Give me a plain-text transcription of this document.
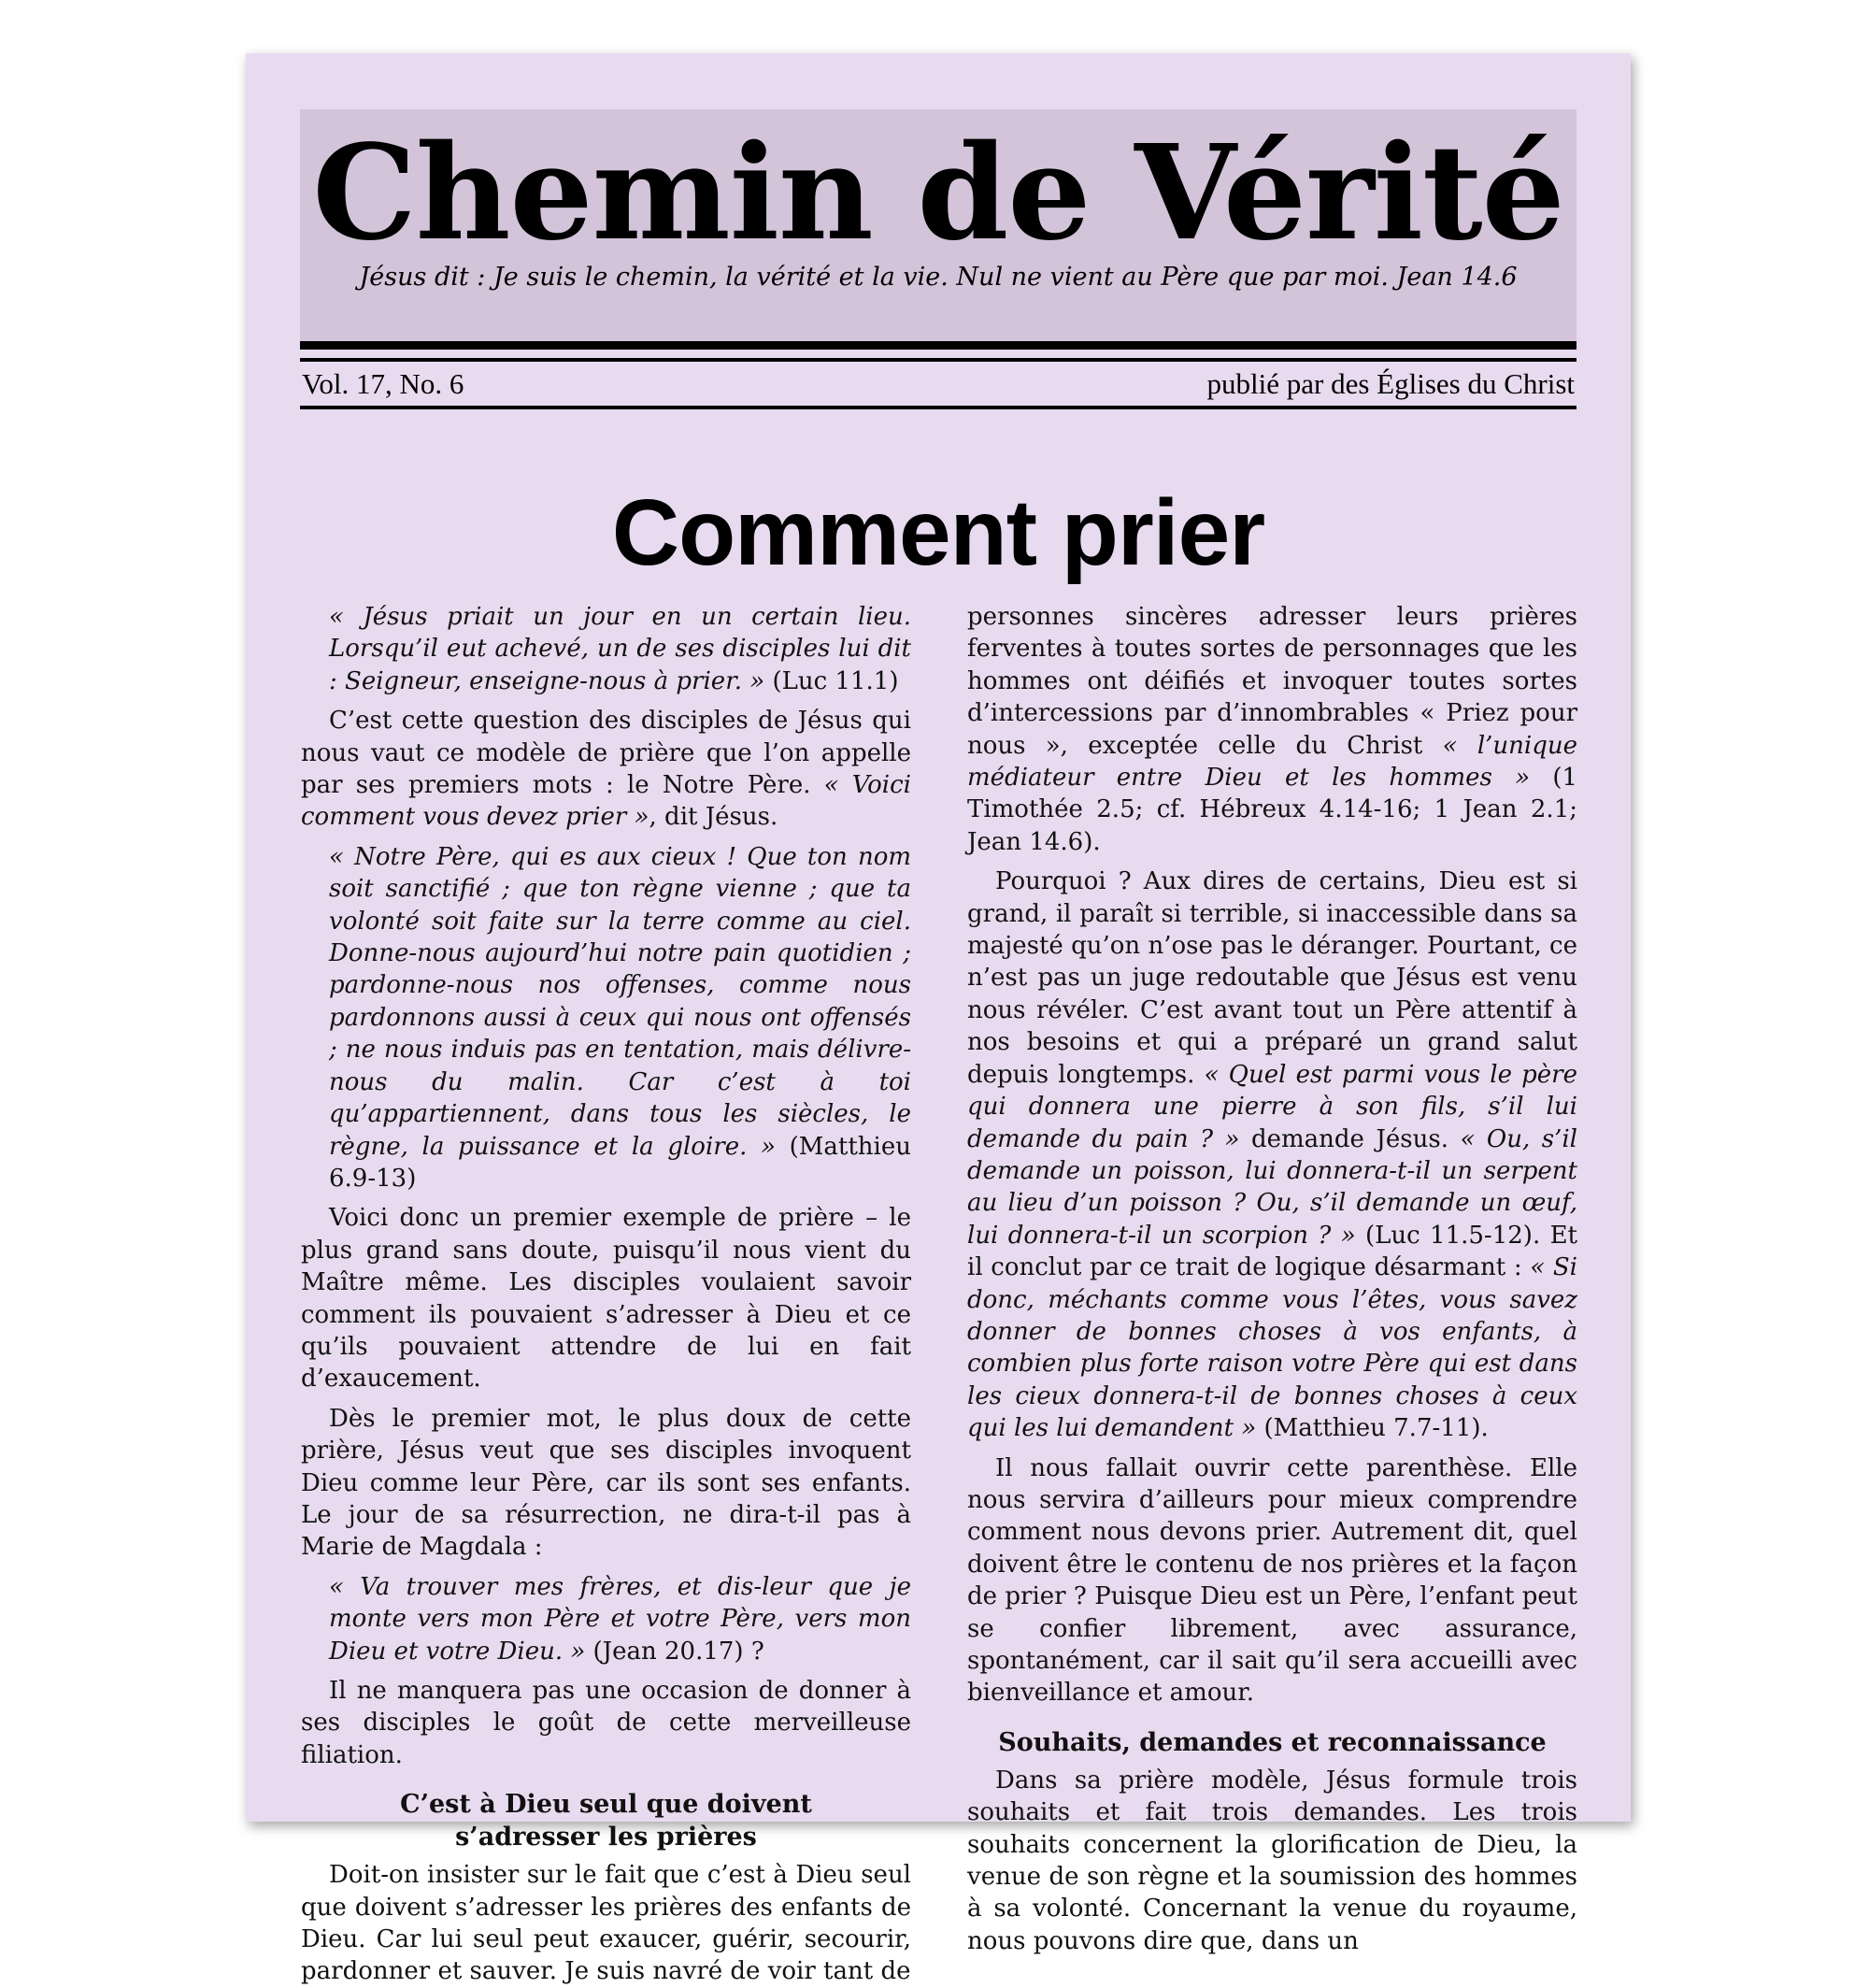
Chemin de Vérité

Jésus dit : Je suis le chemin, la vérité et la vie. Nul ne vient au Père que par moi. Jean 14.6

Vol. 17, No. 6	publié par des Églises du Christ
Comment prier

« Jésus priait un jour en un certain lieu. Lorsqu’il eut achevé, un de ses disciples lui dit : Seigneur, enseigne-nous à prier. » (Luc 11.1)

C’est cette question des disciples de Jésus qui nous vaut ce modèle de prière que l’on appelle par ses premiers mots : le Notre Père. « Voici comment vous devez prier », dit Jésus.

« Notre Père, qui es aux cieux ! Que ton nom soit sanctifié ; que ton règne vienne ; que ta volonté soit faite sur la terre comme au ciel. Donne-nous aujourd’hui notre pain quotidien ; pardonne-nous nos offenses, comme nous pardonnons aussi à ceux qui nous ont offensés ; ne nous induis pas en tentation, mais délivre-nous du malin. Car c’est à toi qu’appartiennent, dans tous les siècles, le règne, la puissance et la gloire. » (Matthieu 6.9-13)

Voici donc un premier exemple de prière – le plus grand sans doute, puisqu’il nous vient du Maître même. Les disciples voulaient savoir comment ils pouvaient s’adresser à Dieu et ce qu’ils pouvaient attendre de lui en fait d’exaucement.

Dès le premier mot, le plus doux de cette prière, Jésus veut que ses disciples invoquent Dieu comme leur Père, car ils sont ses enfants. Le jour de sa résurrection, ne dira-t-il pas à Marie de Magdala :

« Va trouver mes frères, et dis-leur que je monte vers mon Père et votre Père, vers mon Dieu et votre Dieu. » (Jean 20.17) ?

Il ne manquera pas une occasion de donner à ses disciples le goût de cette merveilleuse filiation.

C’est à Dieu seul que doivent s’adresser les prières

Doit-on insister sur le fait que c’est à Dieu seul que doivent s’adresser les prières des enfants de Dieu. Car lui seul peut exaucer, guérir, secourir, pardonner et sauver. Je suis navré de voir tant de

personnes sincères adresser leurs prières ferventes à toutes sortes de personnages que les hommes ont déifiés et invoquer toutes sortes d’intercessions par d’innombrables « Priez pour nous », exceptée celle du Christ « l’unique médiateur entre Dieu et les hommes » (1 Timothée 2.5; cf. Hébreux 4.14-16; 1 Jean 2.1; Jean 14.6).

Pourquoi ? Aux dires de certains, Dieu est si grand, il paraît si terrible, si inaccessible dans sa majesté qu’on n’ose pas le déranger. Pourtant, ce n’est pas un juge redoutable que Jésus est venu nous révéler. C’est avant tout un Père attentif à nos besoins et qui a préparé un grand salut depuis longtemps. « Quel est parmi vous le père qui donnera une pierre à son fils, s’il lui demande du pain ? » demande Jésus. « Ou, s’il demande un poisson, lui donnera-t-il un serpent au lieu d’un poisson ? Ou, s’il demande un œuf, lui donnera-t-il un scorpion ? » (Luc 11.5-12). Et il conclut par ce trait de logique désarmant : « Si donc, méchants comme vous l’êtes, vous savez donner de bonnes choses à vos enfants, à combien plus forte raison votre Père qui est dans les cieux donnera-t-il de bonnes choses à ceux qui les lui demandent » (Matthieu 7.7-11).

Il nous fallait ouvrir cette parenthèse. Elle nous servira d’ailleurs pour mieux comprendre comment nous devons prier. Autrement dit, quel doivent être le contenu de nos prières et la façon de prier ? Puisque Dieu est un Père, l’enfant peut se confier librement, avec assurance, spontanément, car il sait qu’il sera accueilli avec bienveillance et amour.

Souhaits, demandes et reconnaissance

Dans sa prière modèle, Jésus formule trois souhaits et fait trois demandes. Les trois souhaits concernent la glorification de Dieu, la venue de son règne et la soumission des hommes à sa volonté. Concernant la venue du royaume, nous pouvons dire que, dans un
